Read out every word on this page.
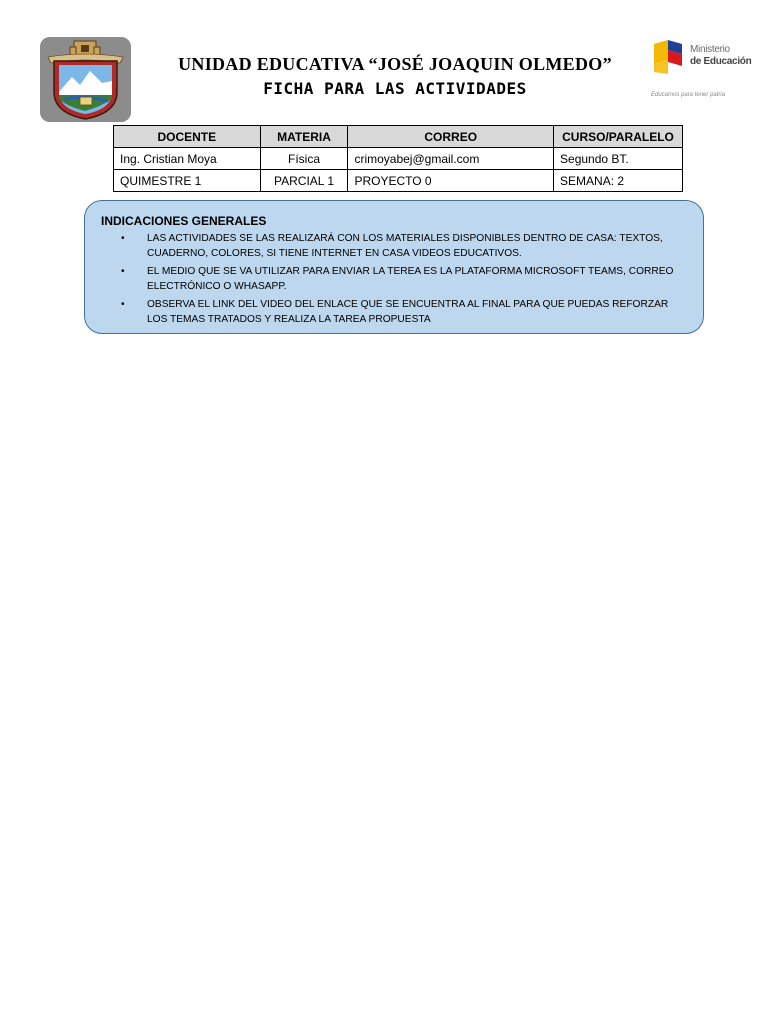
UNIDAD EDUCATIVA “JOSÉ JOAQUIN OLMEDO”
FICHA PARA LAS ACTIVIDADES
Ministerio
de Educación
Educamos para tener patria
DOCENTE	MATERIA	CORREO	CURSO/PARALELO
Ing. Cristian Moya	Física	crimoyabej@gmail.com	Segundo BT.
QUIMESTRE 1	PARCIAL 1	PROYECTO 0	SEMANA: 2
INDICACIONES GENERALES
• LAS ACTIVIDADES SE LAS REALIZARÁ CON LOS MATERIALES DISPONIBLES DENTRO DE CASA: TEXTOS, CUADERNO, COLORES, SI TIENE INTERNET EN CASA VIDEOS EDUCATIVOS.
• EL MEDIO QUE SE VA UTILIZAR PARA ENVIAR LA TEREA ES LA PLATAFORMA MICROSOFT TEAMS, CORREO ELECTRÓNICO O WHASAPP.
• OBSERVA EL LINK DEL VIDEO DEL ENLACE QUE SE ENCUENTRA AL FINAL PARA QUE PUEDAS REFORZAR LOS TEMAS TRATADOS Y REALIZA LA TAREA PROPUESTA
